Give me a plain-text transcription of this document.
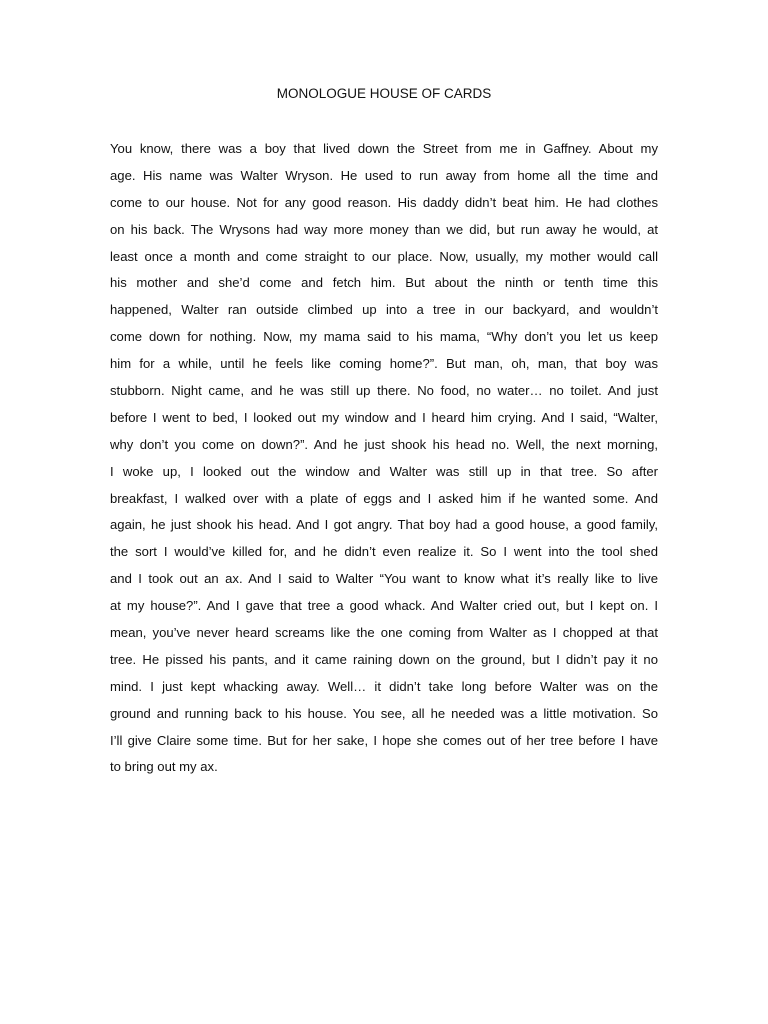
MONOLOGUE HOUSE OF CARDS
You know, there was a boy that lived down the Street from me in Gaffney. About my
age. His name was Walter Wryson. He used to run away from home all the time and
come to our house. Not for any good reason. His daddy didn’t beat him. He had clothes
on his back. The Wrysons had way more money than we did, but run away he would, at
least once a month and come straight to our place. Now, usually, my mother would call
his mother and she’d come and fetch him. But about the ninth or tenth time this
happened, Walter ran outside climbed up into a tree in our backyard, and wouldn’t
come down for nothing. Now, my mama said to his mama, “Why don’t you let us keep
him for a while, until he feels like coming home?”. But man, oh, man, that boy was
stubborn. Night came, and he was still up there. No food, no water… no toilet. And just
before I went to bed, I looked out my window and I heard him crying. And I said, “Walter,
why don’t you come on down?”. And he just shook his head no. Well, the next morning,
I woke up, I looked out the window and Walter was still up in that tree. So after
breakfast, I walked over with a plate of eggs and I asked him if he wanted some. And
again, he just shook his head. And I got angry. That boy had a good house, a good family,
the sort I would’ve killed for, and he didn’t even realize it. So I went into the tool shed
and I took out an ax. And I said to Walter “You want to know what it’s really like to live
at my house?”. And I gave that tree a good whack. And Walter cried out, but I kept on. I
mean, you’ve never heard screams like the one coming from Walter as I chopped at that
tree. He pissed his pants, and it came raining down on the ground, but I didn’t pay it no
mind. I just kept whacking away. Well… it didn’t take long before Walter was on the
ground and running back to his house. You see, all he needed was a little motivation. So
I’ll give Claire some time. But for her sake, I hope she comes out of her tree before I have
to bring out my ax.
